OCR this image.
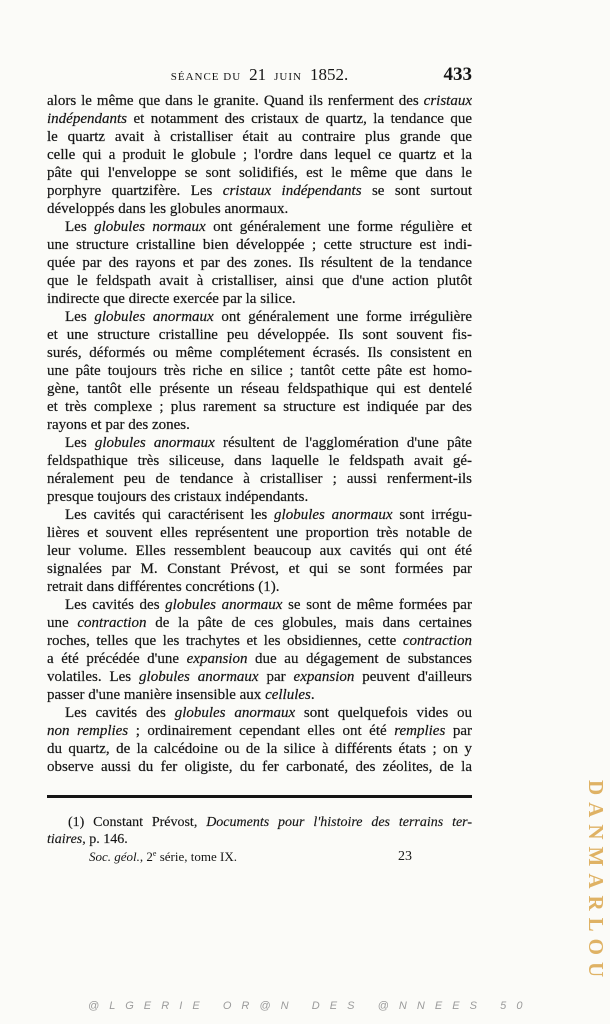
SÉANCE DU 21 JUIN 1852.	433
alors le même que dans le granite. Quand ils renferment des cristaux
indépendants et notamment des cristaux de quartz, la tendance que
le quartz avait à cristalliser était au contraire plus grande que
celle qui a produit le globule ; l'ordre dans lequel ce quartz et la
pâte qui l'enveloppe se sont solidifiés, est le même que dans le
porphyre quartzifère. Les cristaux indépendants se sont surtout
développés dans les globules anormaux.
Les globules normaux ont généralement une forme régulière et
une structure cristalline bien développée ; cette structure est indi-
quée par des rayons et par des zones. Ils résultent de la tendance
que le feldspath avait à cristalliser, ainsi que d'une action plutôt
indirecte que directe exercée par la silice.
Les globules anormaux ont généralement une forme irrégulière
et une structure cristalline peu développée. Ils sont souvent fis-
surés, déformés ou même complétement écrasés. Ils consistent en
une pâte toujours très riche en silice ; tantôt cette pâte est homo-
gène, tantôt elle présente un réseau feldspathique qui est dentelé
et très complexe ; plus rarement sa structure est indiquée par des
rayons et par des zones.
Les globules anormaux résultent de l'agglomération d'une pâte
feldspathique très siliceuse, dans laquelle le feldspath avait gé-
néralement peu de tendance à cristalliser ; aussi renferment-ils
presque toujours des cristaux indépendants.
Les cavités qui caractérisent les globules anormaux sont irrégu-
lières et souvent elles représentent une proportion très notable de
leur volume. Elles ressemblent beaucoup aux cavités qui ont été
signalées par M. Constant Prévost, et qui se sont formées par
retrait dans différentes concrétions (1).
Les cavités des globules anormaux se sont de même formées par
une contraction de la pâte de ces globules, mais dans certaines
roches, telles que les trachytes et les obsidiennes, cette contraction
a été précédée d'une expansion due au dégagement de substances
volatiles. Les globules anormaux par expansion peuvent d'ailleurs
passer d'une manière insensible aux cellules.
Les cavités des globules anormaux sont quelquefois vides ou
non remplies ; ordinairement cependant elles ont été remplies par
du quartz, de la calcédoine ou de la silice à différents états ; on y
observe aussi du fer oligiste, du fer carbonaté, des zéolites, de la
(1) Constant Prévost, Documents pour l'histoire des terrains ter-
tiaires, p. 146.
Soc. géol., 2e série, tome IX.	23	DANMARLOU
@ L G E R I E   O R @ N   D E S   @ N N E E S   5 0
